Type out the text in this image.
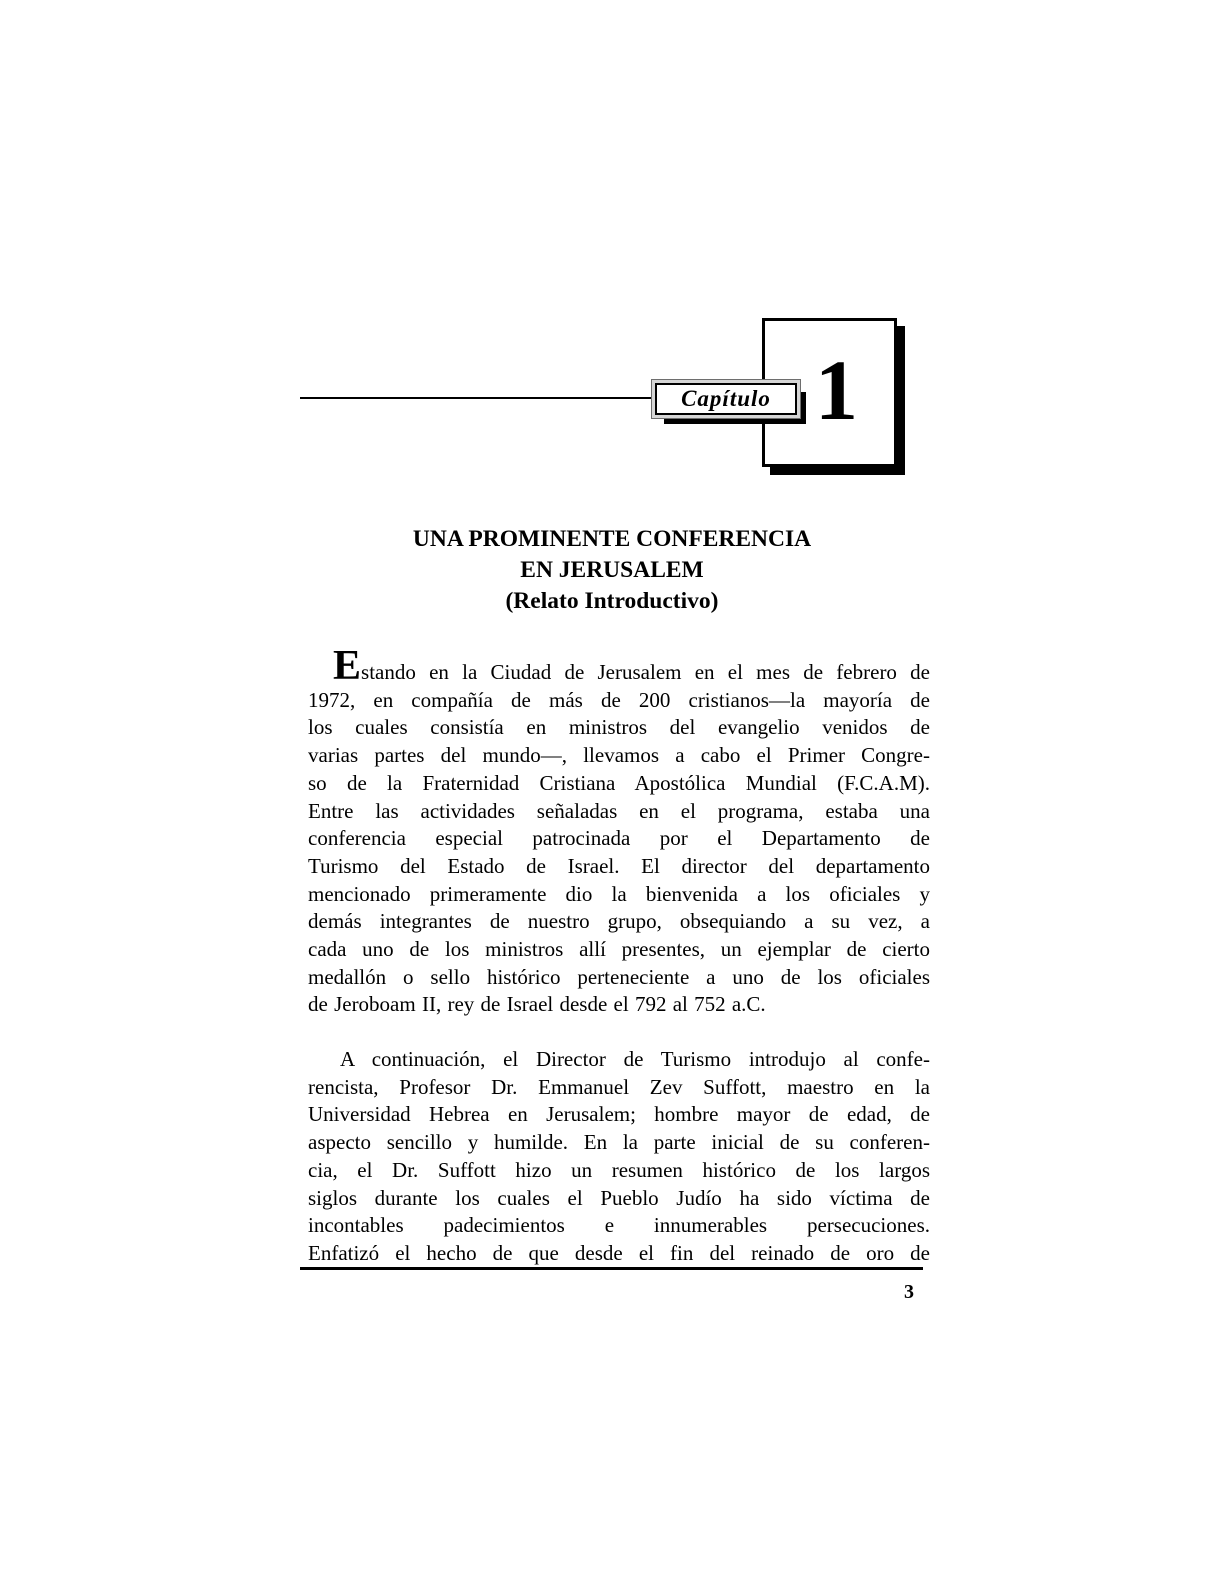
1
Capítulo
UNA PROMINENTE CONFERENCIA
EN JERUSALEM
(Relato Introductivo)
Estando en la Ciudad de Jerusalem en el mes de febrero de
1972, en compañía de más de 200 cristianos—la mayoría de
los cuales consistía en ministros del evangelio venidos de
varias partes del mundo—, llevamos a cabo el Primer Congre-
so de la Fraternidad Cristiana Apostólica Mundial (F.C.A.M).
Entre las actividades señaladas en el programa, estaba una
conferencia especial patrocinada por el Departamento de
Turismo del Estado de Israel. El director del departamento
mencionado primeramente dio la bienvenida a los oficiales y
demás integrantes de nuestro grupo, obsequiando a su vez, a
cada uno de los ministros allí presentes, un ejemplar de cierto
medallón o sello histórico perteneciente a uno de los oficiales
de Jeroboam II, rey de Israel desde el 792 al 752 a.C.
A continuación, el Director de Turismo introdujo al confe-
rencista, Profesor Dr. Emmanuel Zev Suffott, maestro en la
Universidad Hebrea en Jerusalem; hombre mayor de edad, de
aspecto sencillo y humilde. En la parte inicial de su conferen-
cia, el Dr. Suffott hizo un resumen histórico de los largos
siglos durante los cuales el Pueblo Judío ha sido víctima de
incontables padecimientos e innumerables persecuciones.
Enfatizó el hecho de que desde el fin del reinado de oro de
3
